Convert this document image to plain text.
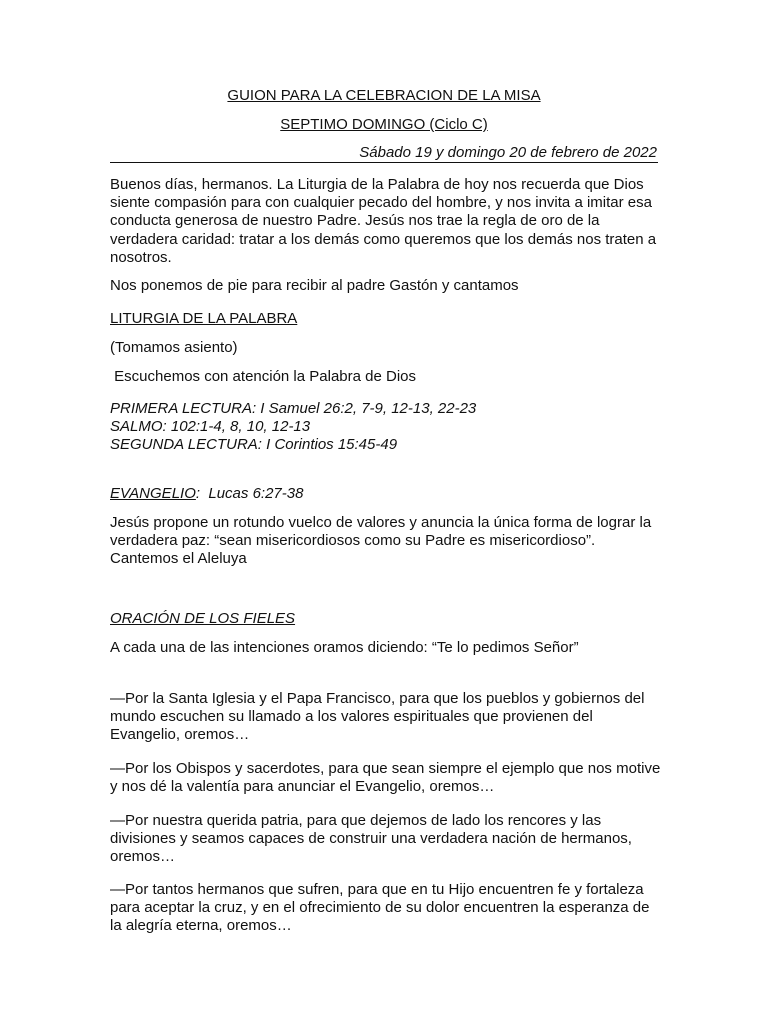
GUION PARA LA CELEBRACION DE LA MISA
SEPTIMO DOMINGO (Ciclo C)
Sábado 19 y domingo 20 de febrero de 2022

Buenos días, hermanos. La Liturgia de la Palabra de hoy nos recuerda que Dios siente compasión para con cualquier pecado del hombre, y nos invita a imitar esa conducta generosa de nuestro Padre. Jesús nos trae la regla de oro de la verdadera caridad: tratar a los demás como queremos que los demás nos traten a nosotros.

Nos ponemos de pie para recibir al padre Gastón y cantamos

LITURGIA DE LA PALABRA

(Tomamos asiento)

Escuchemos con atención la Palabra de Dios

PRIMERA LECTURA: I Samuel 26:2, 7-9, 12-13, 22-23

SALMO: 102:1-4, 8, 10, 12-13

SEGUNDA LECTURA: I Corintios 15:45-49

EVANGELIO:  Lucas 6:27-38

Jesús propone un rotundo vuelco de valores y anuncia la única forma de lograr la verdadera paz: “sean misericordiosos como su Padre es misericordioso”. Cantemos el Aleluya

ORACIÓN DE LOS FIELES

A cada una de las intenciones oramos diciendo: “Te lo pedimos Señor”

—Por la Santa Iglesia y el Papa Francisco, para que los pueblos y gobiernos del mundo escuchen su llamado a los valores espirituales que provienen del Evangelio, oremos…

—Por los Obispos y sacerdotes, para que sean siempre el ejemplo que nos motive y nos dé la valentía para anunciar el Evangelio, oremos…

—Por nuestra querida patria, para que dejemos de lado los rencores y las divisiones y seamos capaces de construir una verdadera nación de hermanos, oremos…

—Por tantos hermanos que sufren, para que en tu Hijo encuentren fe y fortaleza para aceptar la cruz, y en el ofrecimiento de su dolor encuentren la esperanza de la alegría eterna, oremos…
